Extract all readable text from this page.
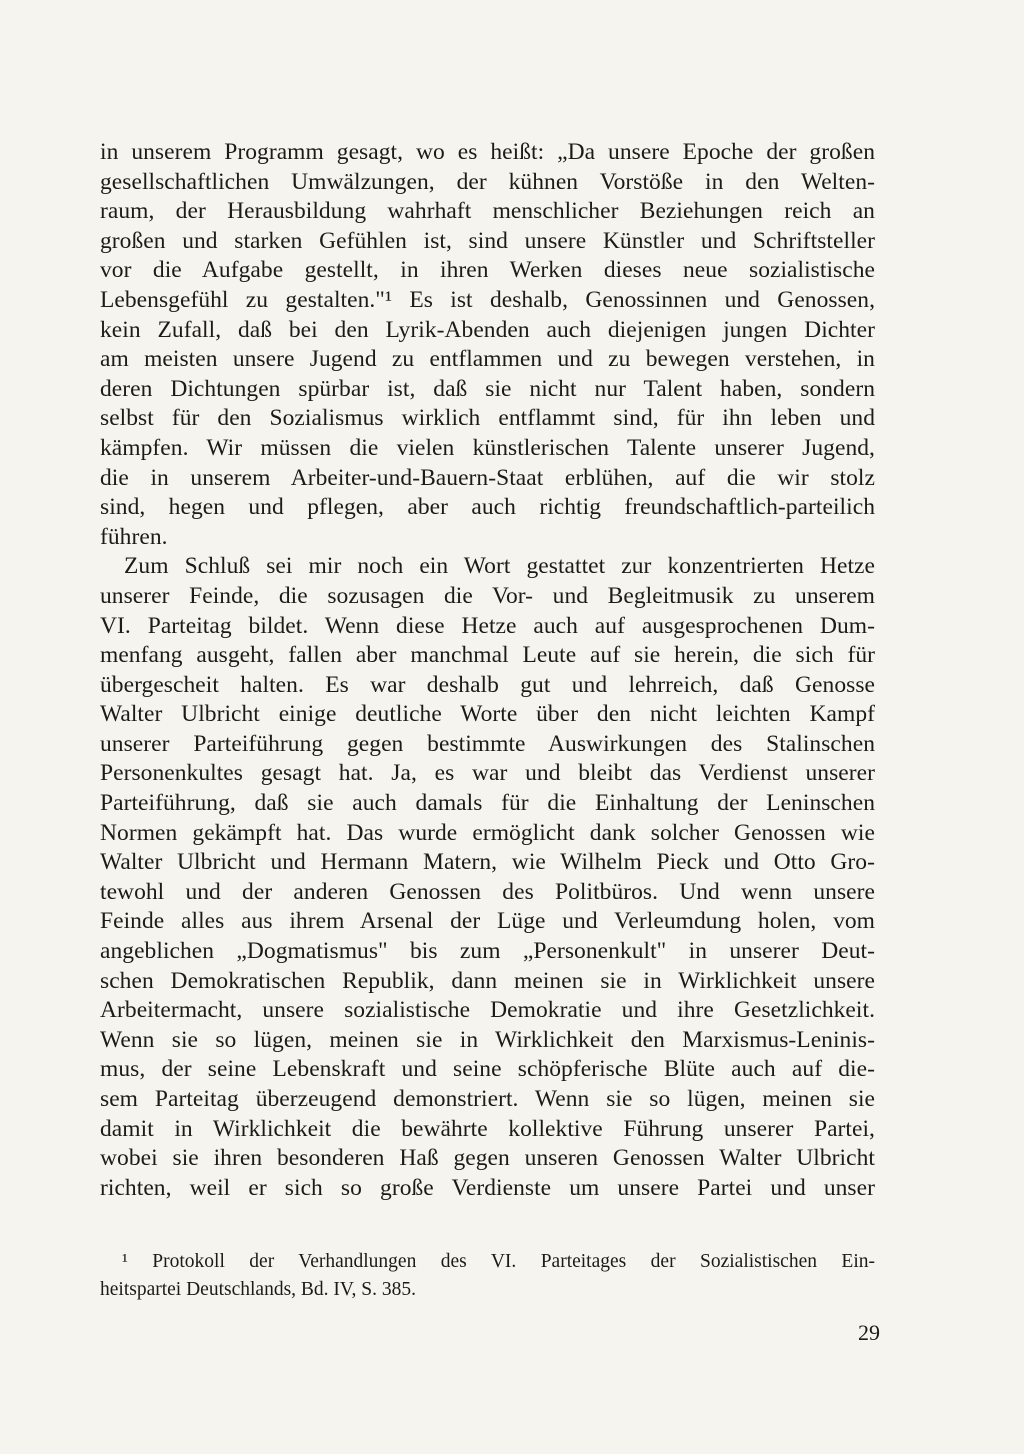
in unserem Programm gesagt, wo es heißt: „Da unsere Epoche der großen
gesellschaftlichen Umwälzungen, der kühnen Vorstöße in den Welten-
raum, der Herausbildung wahrhaft menschlicher Beziehungen reich an
großen und starken Gefühlen ist, sind unsere Künstler und Schriftsteller
vor die Aufgabe gestellt, in ihren Werken dieses neue sozialistische
Lebensgefühl zu gestalten."¹ Es ist deshalb, Genossinnen und Genossen,
kein Zufall, daß bei den Lyrik-Abenden auch diejenigen jungen Dichter
am meisten unsere Jugend zu entflammen und zu bewegen verstehen, in
deren Dichtungen spürbar ist, daß sie nicht nur Talent haben, sondern
selbst für den Sozialismus wirklich entflammt sind, für ihn leben und
kämpfen. Wir müssen die vielen künstlerischen Talente unserer Jugend,
die in unserem Arbeiter-und-Bauern-Staat erblühen, auf die wir stolz
sind, hegen und pflegen, aber auch richtig freundschaftlich-parteilich
führen.
Zum Schluß sei mir noch ein Wort gestattet zur konzentrierten Hetze
unserer Feinde, die sozusagen die Vor- und Begleitmusik zu unserem
VI. Parteitag bildet. Wenn diese Hetze auch auf ausgesprochenen Dum-
menfang ausgeht, fallen aber manchmal Leute auf sie herein, die sich für
übergescheit halten. Es war deshalb gut und lehrreich, daß Genosse
Walter Ulbricht einige deutliche Worte über den nicht leichten Kampf
unserer Parteiführung gegen bestimmte Auswirkungen des Stalinschen
Personenkultes gesagt hat. Ja, es war und bleibt das Verdienst unserer
Parteiführung, daß sie auch damals für die Einhaltung der Leninschen
Normen gekämpft hat. Das wurde ermöglicht dank solcher Genossen wie
Walter Ulbricht und Hermann Matern, wie Wilhelm Pieck und Otto Gro-
tewohl und der anderen Genossen des Politbüros. Und wenn unsere
Feinde alles aus ihrem Arsenal der Lüge und Verleumdung holen, vom
angeblichen „Dogmatismus" bis zum „Personenkult" in unserer Deut-
schen Demokratischen Republik, dann meinen sie in Wirklichkeit unsere
Arbeitermacht, unsere sozialistische Demokratie und ihre Gesetzlichkeit.
Wenn sie so lügen, meinen sie in Wirklichkeit den Marxismus-Leninis-
mus, der seine Lebenskraft und seine schöpferische Blüte auch auf die-
sem Parteitag überzeugend demonstriert. Wenn sie so lügen, meinen sie
damit in Wirklichkeit die bewährte kollektive Führung unserer Partei,
wobei sie ihren besonderen Haß gegen unseren Genossen Walter Ulbricht
richten, weil er sich so große Verdienste um unsere Partei und unser
¹ Protokoll der Verhandlungen des VI. Parteitages der Sozialistischen Ein-
heitspartei Deutschlands, Bd. IV, S. 385.
29
